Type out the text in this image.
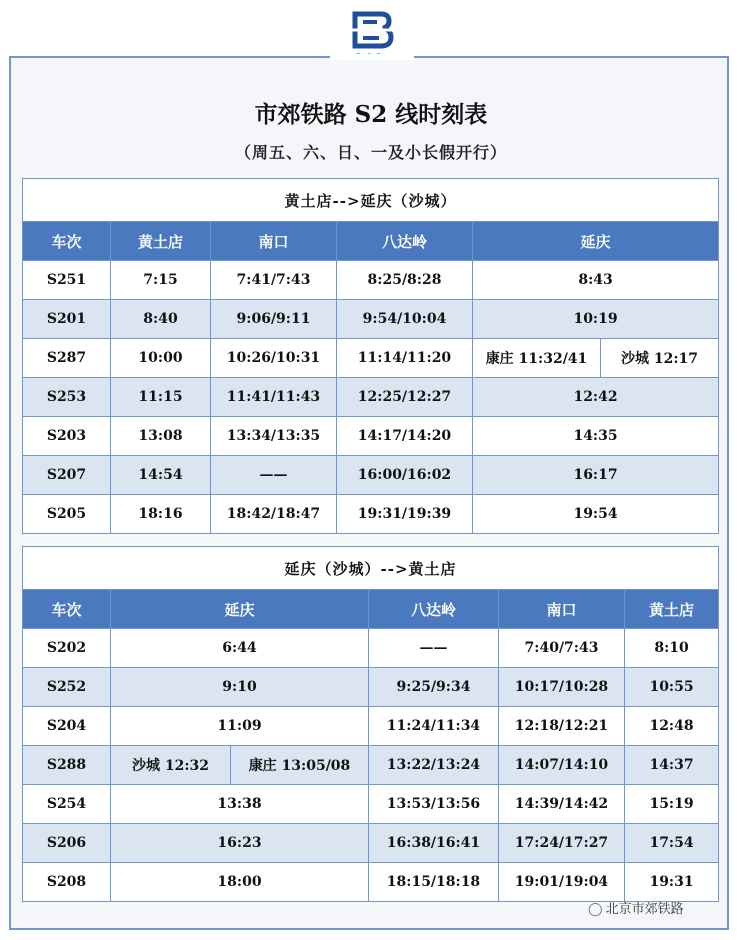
市郊铁路 S2 线时刻表
（周五、六、日、一及小长假开行）
黄土店-->延庆（沙城）					
车次	黄土店	南口	八达岭	延庆	
S251	7:15	7:41/7:43	8:25/8:28	8:43	
S201	8:40	9:06/9:11	9:54/10:04	10:19	
S287	10:00	10:26/10:31	11:14/11:20	康庄 11:32/41	沙城 12:17
S253	11:15	11:41/11:43	12:25/12:27	12:42	
S203	13:08	13:34/13:35	14:17/14:20	14:35	
S207	14:54	——	16:00/16:02	16:17	
S205	18:16	18:42/18:47	19:31/19:39	19:54	
延庆（沙城）-->黄土店					
车次	延庆		八达岭	南口	黄土店
S202	6:44		——	7:40/7:43	8:10
S252	9:10		9:25/9:34	10:17/10:28	10:55
S204	11:09		11:24/11:34	12:18/12:21	12:48
S288	沙城 12:32	康庄 13:05/08	13:22/13:24	14:07/14:10	14:37
S254	13:38		13:53/13:56	14:39/14:42	15:19
S206	16:23		16:38/16:41	17:24/17:27	17:54
S208	18:00		18:15/18:18	19:01/19:04	19:31
◯ 北京市郊铁路
